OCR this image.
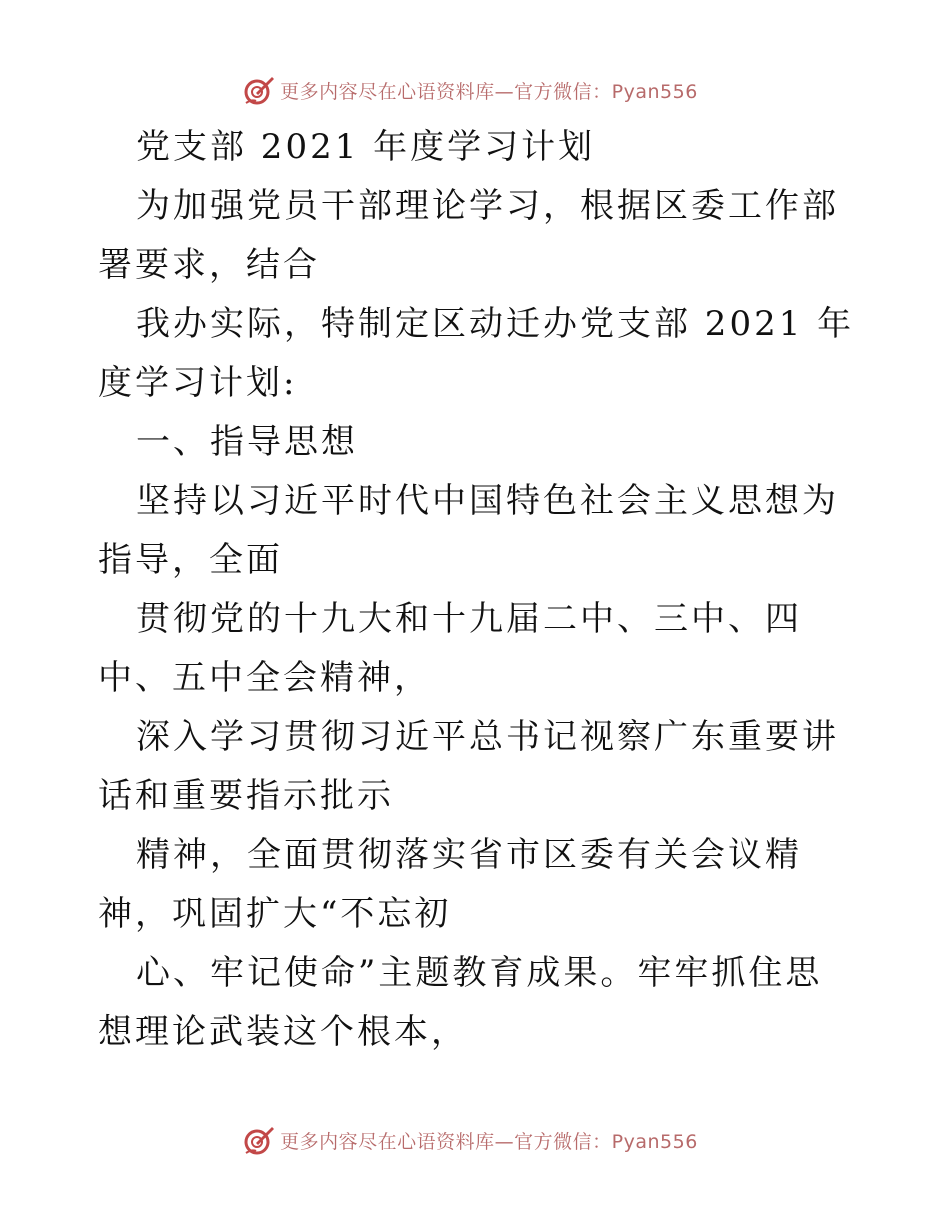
更多内容尽在心语资料库—官方微信：Pyan556

党支部 2021 年度学习计划

为加强党员干部理论学习，根据区委工作部署要求，结合

我办实际，特制定区动迁办党支部 2021 年度学习计划:

一、指导思想

坚持以习近平时代中国特色社会主义思想为指导，全面

贯彻党的十九大和十九届二中、三中、四中、五中全会精神，

深入学习贯彻习近平总书记视察广东重要讲话和重要指示批示

精神，全面贯彻落实省市区委有关会议精神，巩固扩大“不忘初

心、牢记使命”主题教育成果。牢牢抓住思想理论武装这个根本，

更多内容尽在心语资料库—官方微信：Pyan556
